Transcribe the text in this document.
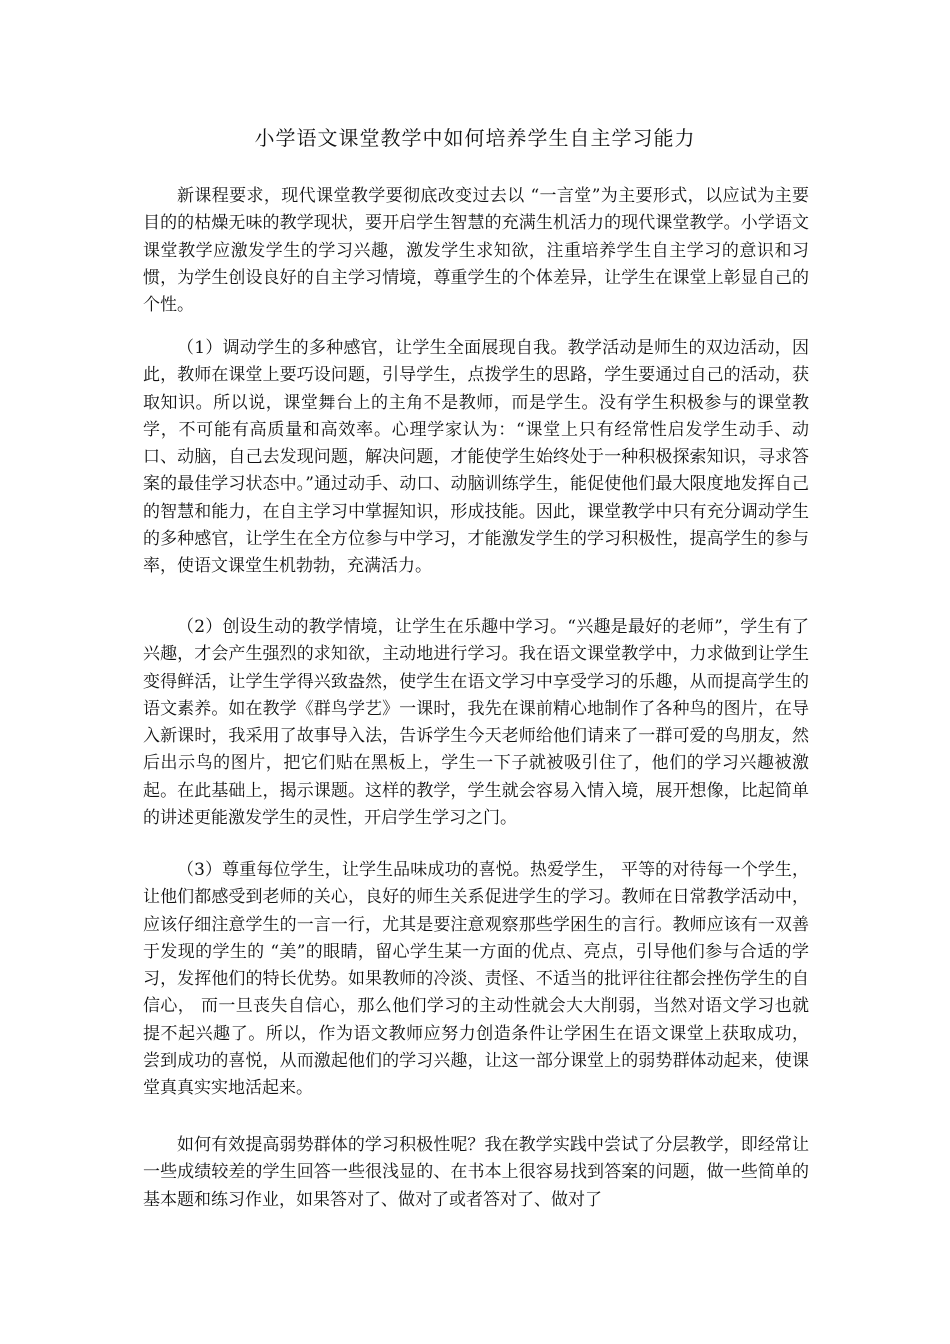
小学语文课堂教学中如何培养学生自主学习能力

新课程要求，现代课堂教学要彻底改变过去以 “一言堂”为主要形式，以应试为主要目的的枯燥无味的教学现状，要开启学生智慧的充满生机活力的现代课堂教学。小学语文课堂教学应激发学生的学习兴趣，激发学生求知欲，注重培养学生自主学习的意识和习惯，为学生创设良好的自主学习情境，尊重学生的个体差异，让学生在课堂上彰显自己的个性。

（1）调动学生的多种感官，让学生全面展现自我。教学活动是师生的双边活动，因此，教师在课堂上要巧设问题，引导学生，点拨学生的思路，学生要通过自己的活动，获取知识。所以说，课堂舞台上的主角不是教师，而是学生。没有学生积极参与的课堂教学，不可能有高质量和高效率。心理学家认为：“课堂上只有经常性启发学生动手、动口、动脑，自己去发现问题，解决问题，才能使学生始终处于一种积极探索知识，寻求答案的最佳学习状态中。”通过动手、动口、动脑训练学生，能促使他们最大限度地发挥自己的智慧和能力，在自主学习中掌握知识，形成技能。因此，课堂教学中只有充分调动学生的多种感官，让学生在全方位参与中学习，才能激发学生的学习积极性，提高学生的参与率，使语文课堂生机勃勃，充满活力。

（2）创设生动的教学情境，让学生在乐趣中学习。“兴趣是最好的老师”，学生有了兴趣，才会产生强烈的求知欲，主动地进行学习。我在语文课堂教学中，力求做到让学生变得鲜活，让学生学得兴致盎然，使学生在语文学习中享受学习的乐趣，从而提高学生的语文素养。如在教学《群鸟学艺》一课时，我先在课前精心地制作了各种鸟的图片，在导入新课时，我采用了故事导入法，告诉学生今天老师给他们请来了一群可爱的鸟朋友，然后出示鸟的图片，把它们贴在黑板上，学生一下子就被吸引住了，他们的学习兴趣被激起。在此基础上，揭示课题。这样的教学，学生就会容易入情入境，展开想像，比起简单的讲述更能激发学生的灵性，开启学生学习之门。

（3）尊重每位学生，让学生品味成功的喜悦。热爱学生， 平等的对待每一个学生，让他们都感受到老师的关心，良好的师生关系促进学生的学习。教师在日常教学活动中，应该仔细注意学生的一言一行，尤其是要注意观察那些学困生的言行。教师应该有一双善于发现的学生的 “美”的眼睛，留心学生某一方面的优点、亮点，引导他们参与合适的学习，发挥他们的特长优势。如果教师的冷淡、责怪、不适当的批评往往都会挫伤学生的自信心， 而一旦丧失自信心，那么他们学习的主动性就会大大削弱，当然对语文学习也就提不起兴趣了。所以，作为语文教师应努力创造条件让学困生在语文课堂上获取成功， 尝到成功的喜悦，从而激起他们的学习兴趣，让这一部分课堂上的弱势群体动起来，使课堂真真实实地活起来。

如何有效提高弱势群体的学习积极性呢？我在教学实践中尝试了分层教学，即经常让一些成绩较差的学生回答一些很浅显的、在书本上很容易找到答案的问题，做一些简单的基本题和练习作业，如果答对了、做对了或者答对了、做对了
